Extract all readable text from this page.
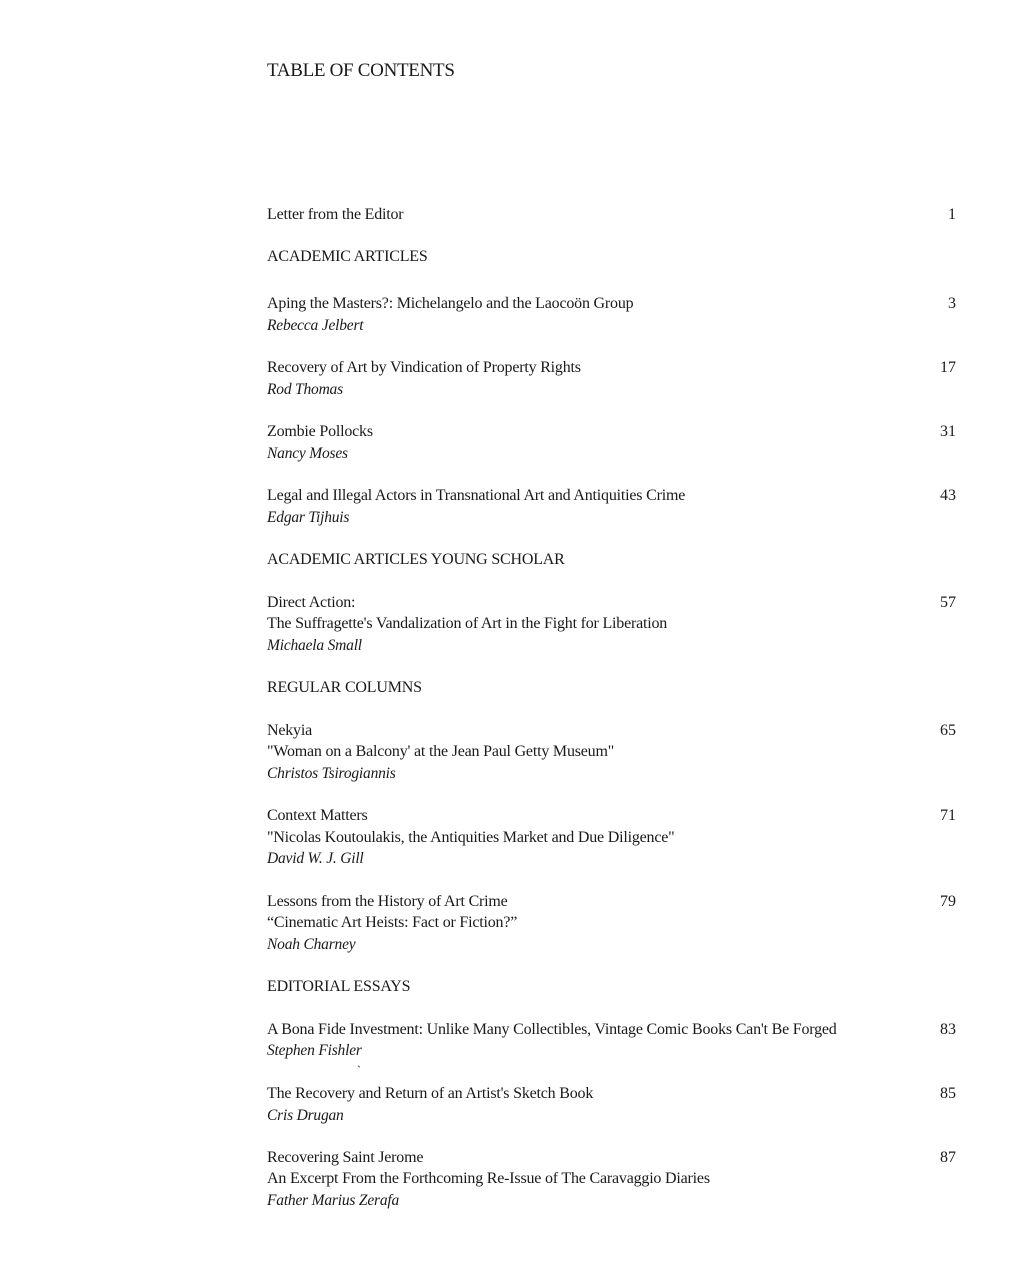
TABLE OF CONTENTS
Letter from the Editor	1
ACADEMIC ARTICLES
Aping the Masters?: Michelangelo and the Laocoön Group
Rebecca Jelbert
3
Recovery of Art by Vindication of Property Rights
Rod Thomas
17
Zombie Pollocks
Nancy Moses
31
Legal and Illegal Actors in Transnational Art and Antiquities Crime
Edgar Tijhuis
43
ACADEMIC ARTICLES YOUNG SCHOLAR
Direct Action:
The Suffragette's Vandalization of Art in the Fight for Liberation
Michaela Small
57
REGULAR COLUMNS
Nekyia
"Woman on a Balcony' at the Jean Paul Getty Museum"
Christos Tsirogiannis
65
Context Matters
"Nicolas Koutoulakis, the Antiquities Market and Due Diligence"
David W. J. Gill
71
Lessons from the History of Art Crime
“Cinematic Art Heists: Fact or Fiction?”
Noah Charney
79
EDITORIAL ESSAYS
A Bona Fide Investment: Unlike Many Collectibles, Vintage Comic Books Can't Be Forged
Stephen Fishler
83
`
The Recovery and Return of an Artist's Sketch Book
Cris Drugan
85
Recovering Saint Jerome
An Excerpt From the Forthcoming Re-Issue of The Caravaggio Diaries
Father Marius Zerafa
87
